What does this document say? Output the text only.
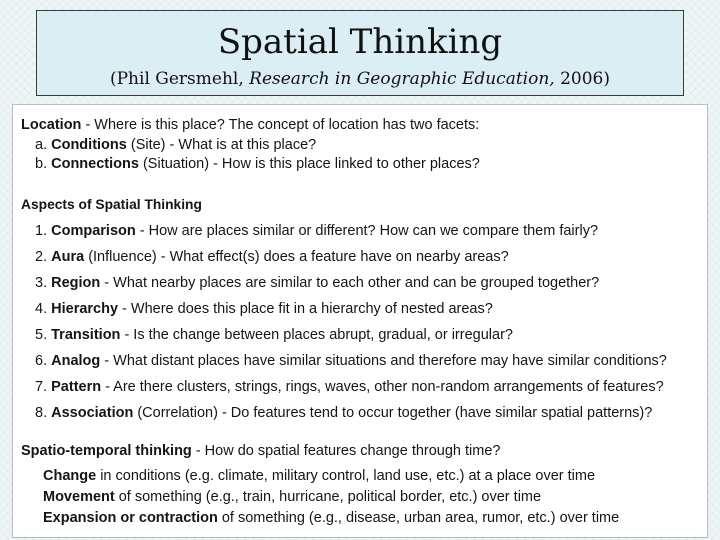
Spatial Thinking
(Phil Gersmehl, Research in Geographic Education, 2006)
Location - Where is this place? The concept of location has two facets:
a. Conditions (Site) - What is at this place?
b. Connections (Situation) - How is this place linked to other places?
Aspects of Spatial Thinking
1. Comparison - How are places similar or different? How can we compare them fairly?
2. Aura (Influence) - What effect(s) does a feature have on nearby areas?
3. Region - What nearby places are similar to each other and can be grouped together?
4. Hierarchy - Where does this place fit in a hierarchy of nested areas?
5. Transition - Is the change between places abrupt, gradual, or irregular?
6. Analog - What distant places have similar situations and therefore may have similar conditions?
7. Pattern - Are there clusters, strings, rings, waves, other non-random arrangements of features?
8. Association (Correlation) - Do features tend to occur together (have similar spatial patterns)?
Spatio-temporal thinking - How do spatial features change through time?
Change in conditions (e.g. climate, military control, land use, etc.) at a place over time
Movement of something (e.g., train, hurricane, political border, etc.) over time
Expansion or contraction of something (e.g., disease, urban area, rumor, etc.) over time
